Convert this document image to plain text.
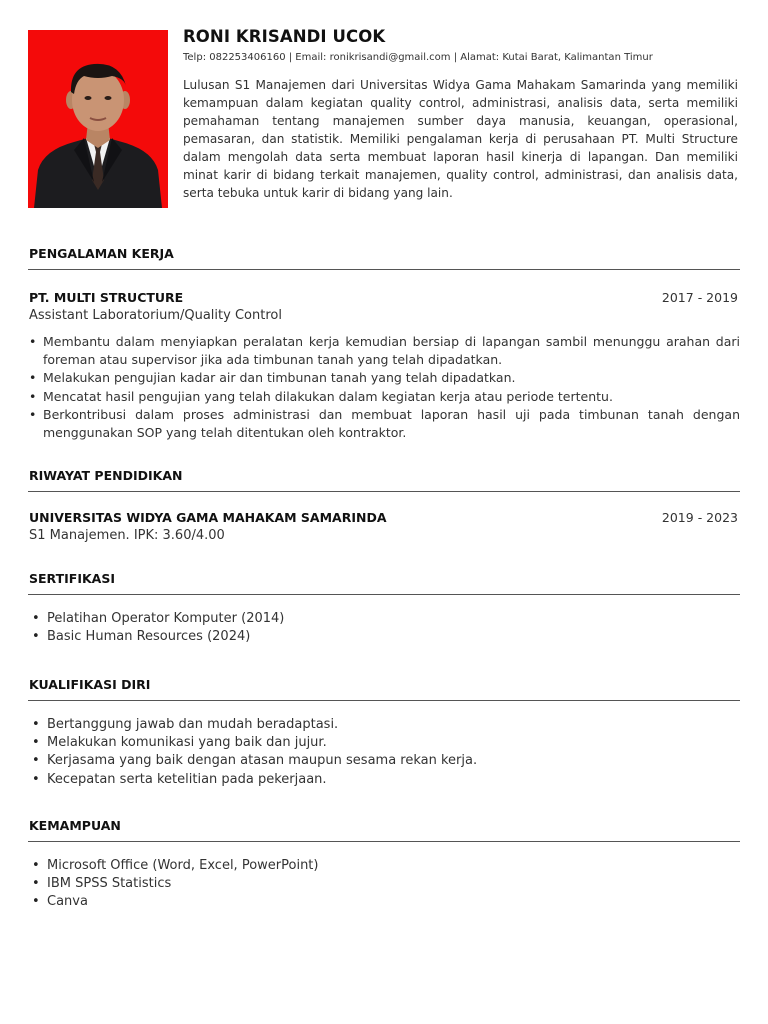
RONI KRISANDI UCOK
Telp: 082253406160 | Email: ronikrisandi@gmail.com | Alamat: Kutai Barat, Kalimantan Timur
Lulusan S1 Manajemen dari Universitas Widya Gama Mahakam Samarinda yang memiliki kemampuan dalam kegiatan quality control, administrasi, analisis data, serta memiliki pemahaman tentang manajemen sumber daya manusia, keuangan, operasional, pemasaran, dan statistik. Memiliki pengalaman kerja di perusahaan PT. Multi Structure dalam mengolah data serta membuat laporan hasil kinerja di lapangan. Dan memiliki minat karir di bidang terkait manajemen, quality control, administrasi, dan analisis data, serta tebuka untuk karir di bidang yang lain.
PENGALAMAN KERJA
PT. MULTI STRUCTURE	2017 - 2019
Assistant Laboratorium/Quality Control
• Membantu dalam menyiapkan peralatan kerja kemudian bersiap di lapangan sambil menunggu arahan dari foreman atau supervisor jika ada timbunan tanah yang telah dipadatkan.
• Melakukan pengujian kadar air dan timbunan tanah yang telah dipadatkan.
• Mencatat hasil pengujian yang telah dilakukan dalam kegiatan kerja atau periode tertentu.
• Berkontribusi dalam proses administrasi dan membuat laporan hasil uji pada timbunan tanah dengan menggunakan SOP yang telah ditentukan oleh kontraktor.
RIWAYAT PENDIDIKAN
UNIVERSITAS WIDYA GAMA MAHAKAM SAMARINDA	2019 - 2023
S1 Manajemen. IPK: 3.60/4.00
SERTIFIKASI
• Pelatihan Operator Komputer (2014)
• Basic Human Resources (2024)
KUALIFIKASI DIRI
• Bertanggung jawab dan mudah beradaptasi.
• Melakukan komunikasi yang baik dan jujur.
• Kerjasama yang baik dengan atasan maupun sesama rekan kerja.
• Kecepatan serta ketelitian pada pekerjaan.
KEMAMPUAN
• Microsoft Office (Word, Excel, PowerPoint)
• IBM SPSS Statistics
• Canva
